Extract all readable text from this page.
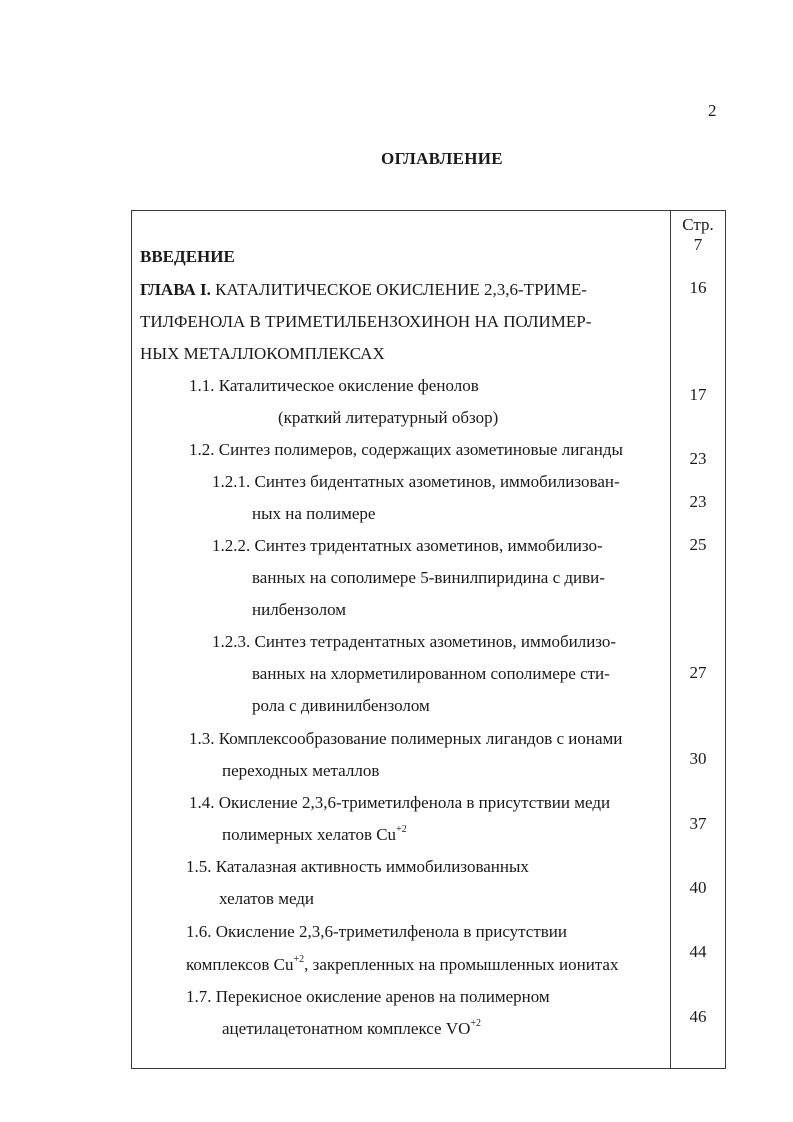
2
ОГЛАВЛЕНИЕ
Стр.
7
16
17
23
23
25
27
30
37
40
44
46
ВВЕДЕНИЕ
ГЛАВА I. КАТАЛИТИЧЕСКОЕ ОКИСЛЕНИЕ 2,3,6-ТРИМЕ-
ТИЛФЕНОЛА В ТРИМЕТИЛБЕНЗОХИНОН НА ПОЛИМЕР-
НЫХ МЕТАЛЛОКОМПЛЕКСАХ
1.1. Каталитическое окисление фенолов
(краткий литературный обзор)
1.2. Синтез полимеров, содержащих азометиновые лиганды
1.2.1. Синтез бидентатных азометинов, иммобилизован-
ных на полимере
1.2.2. Синтез тридентатных азометинов, иммобилизо-
ванных на сополимере 5-винилпиридина с диви-
нилбензолом
1.2.3. Синтез тетрадентатных азометинов, иммобилизо-
ванных на хлорметилированном сополимере сти-
рола с дивинилбензолом
1.3. Комплексообразование полимерных лигандов с ионами
переходных металлов
1.4. Окисление 2,3,6-триметилфенола в присутствии меди
полимерных хелатов $Cu^{+2}$
1.5. Каталазная активность иммобилизованных
хелатов меди
1.6. Окисление 2,3,6-триметилфенола в присутствии
комплексов $Cu^{+2}$, закрепленных на промышленных ионитах
1.7. Перекисное окисление аренов на полимерном
ацетилацетонатном комплексе $VO^{+2}$
